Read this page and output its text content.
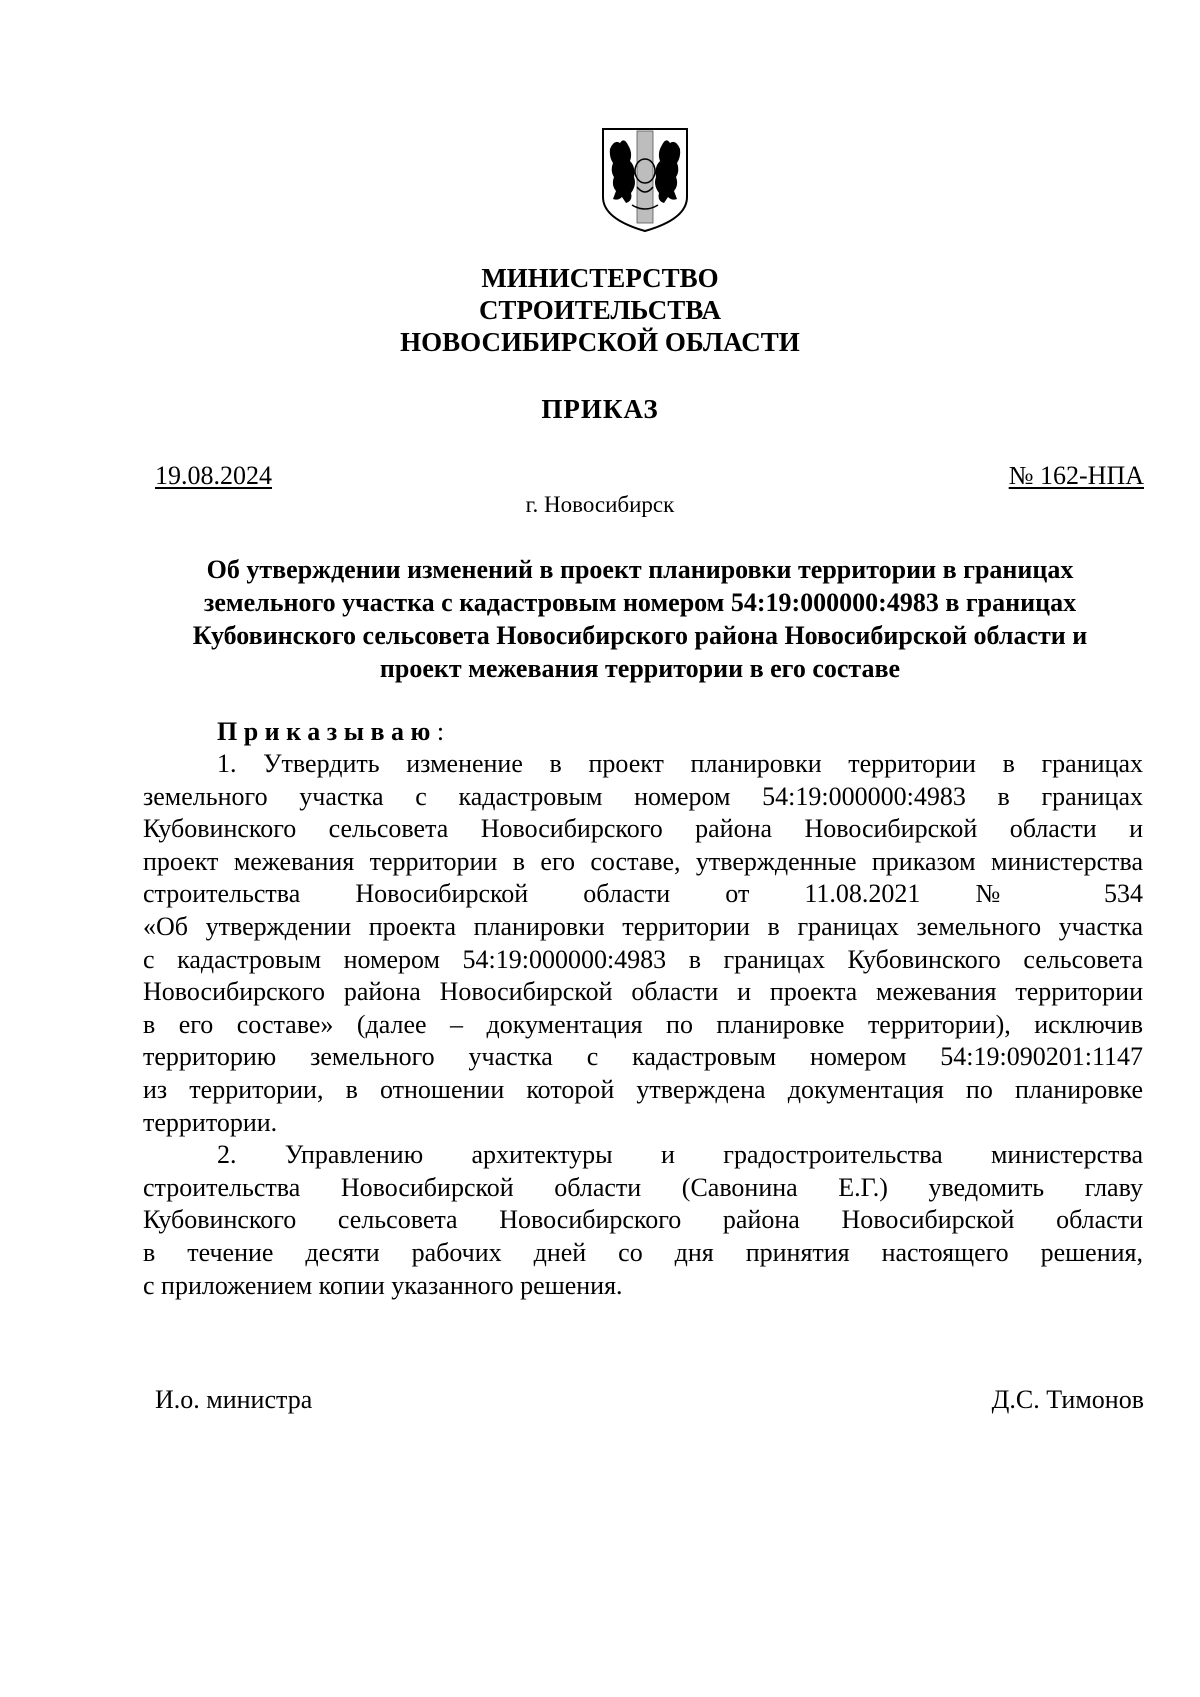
МИНИСТЕРСТВО
СТРОИТЕЛЬСТВА
НОВОСИБИРСКОЙ ОБЛАСТИ
ПРИКАЗ
19.08.2024	№ 162-НПА
г. Новосибирск
Об утверждении изменений в проект планировки территории в границах
земельного участка с кадастровым номером 54:19:000000:4983 в границах
Кубовинского сельсовета Новосибирского района Новосибирской области и
проект межевания территории в его составе
Приказываю:
1. Утвердить изменение в проект планировки территории в границах
земельного участка с кадастровым номером 54:19:000000:4983 в границах
Кубовинского сельсовета Новосибирского района Новосибирской области и
проект межевания территории в его составе, утвержденные приказом министерства
строительства Новосибирской области от 11.08.2021 № 534
«Об утверждении проекта планировки территории в границах земельного участка
с кадастровым номером 54:19:000000:4983 в границах Кубовинского сельсовета
Новосибирского района Новосибирской области и проекта межевания территории
в его составе» (далее – документация по планировке территории), исключив
территорию земельного участка с кадастровым номером 54:19:090201:1147
из территории, в отношении которой утверждена документация по планировке
территории.
2. Управлению архитектуры и градостроительства министерства
строительства Новосибирской области (Савонина Е.Г.) уведомить главу
Кубовинского сельсовета Новосибирского района Новосибирской области
в течение десяти рабочих дней со дня принятия настоящего решения,
с приложением копии указанного решения.
И.о. министра	Д.С. Тимонов
